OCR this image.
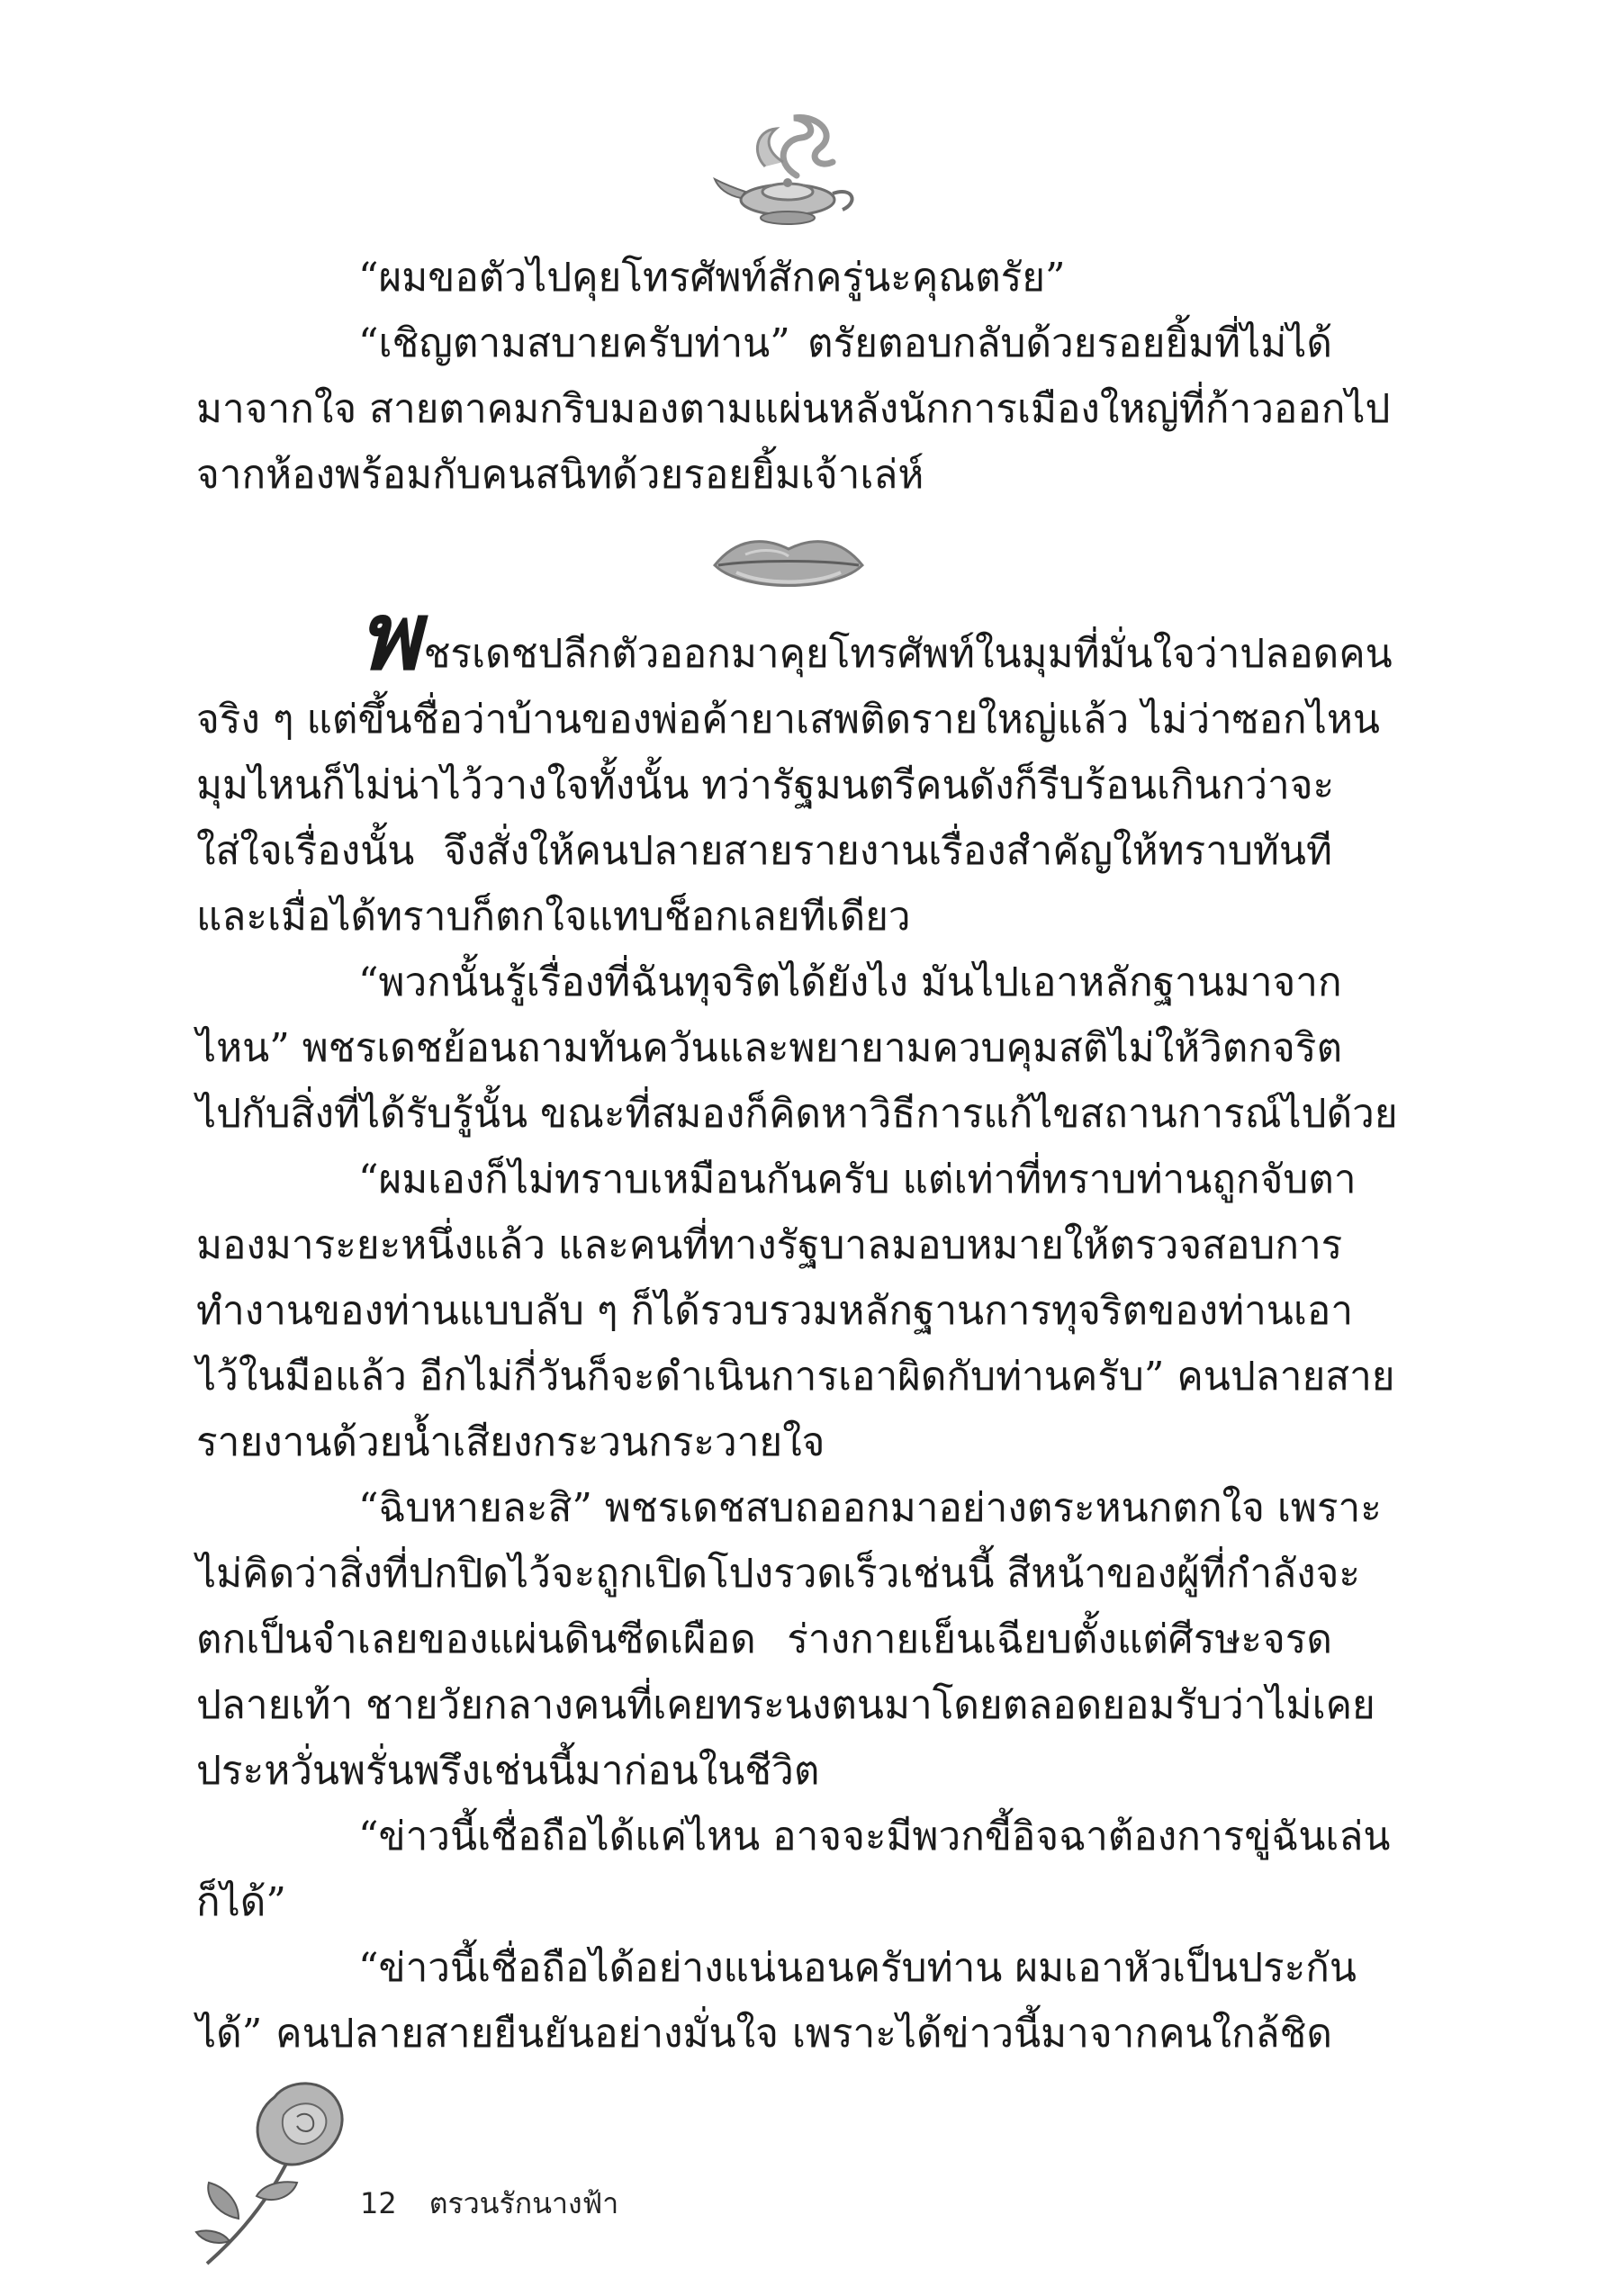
“ผมขอตัวไปคุยโทรศัพท์สักครู่นะคุณตรัย”
“เชิญตามสบายครับท่าน” ตรัยตอบกลับด้วยรอยยิ้มที่ไม่ได้
มาจากใจ สายตาคมกริบมองตามแผ่นหลังนักการเมืองใหญ่ที่ก้าวออกไป
จากห้องพร้อมกับคนสนิทด้วยรอยยิ้มเจ้าเล่ห์
พชรเดชปลีกตัวออกมาคุยโทรศัพท์ในมุมที่มั่นใจว่าปลอดคน
จริง ๆ แต่ขึ้นชื่อว่าบ้านของพ่อค้ายาเสพติดรายใหญ่แล้ว ไม่ว่าซอกไหน
มุมไหนก็ไม่น่าไว้วางใจทั้งนั้น ทว่ารัฐมนตรีคนดังก็รีบร้อนเกินกว่าจะ
ใส่ใจเรื่องนั้น จึงสั่งให้คนปลายสายรายงานเรื่องสำคัญให้ทราบทันที
และเมื่อได้ทราบก็ตกใจแทบช็อกเลยทีเดียว
“พวกนั้นรู้เรื่องที่ฉันทุจริตได้ยังไง มันไปเอาหลักฐานมาจาก
ไหน” พชรเดชย้อนถามทันควันและพยายามควบคุมสติไม่ให้วิตกจริต
ไปกับสิ่งที่ได้รับรู้นั้น ขณะที่สมองก็คิดหาวิธีการแก้ไขสถานการณ์ไปด้วย
“ผมเองก็ไม่ทราบเหมือนกันครับ แต่เท่าที่ทราบท่านถูกจับตา
มองมาระยะหนึ่งแล้ว และคนที่ทางรัฐบาลมอบหมายให้ตรวจสอบการ
ทำงานของท่านแบบลับ ๆ ก็ได้รวบรวมหลักฐานการทุจริตของท่านเอา
ไว้ในมือแล้ว อีกไม่กี่วันก็จะดำเนินการเอาผิดกับท่านครับ” คนปลายสาย
รายงานด้วยน้ำเสียงกระวนกระวายใจ
“ฉิบหายละสิ” พชรเดชสบถออกมาอย่างตระหนกตกใจ เพราะ
ไม่คิดว่าสิ่งที่ปกปิดไว้จะถูกเปิดโปงรวดเร็วเช่นนี้ สีหน้าของผู้ที่กำลังจะ
ตกเป็นจำเลยของแผ่นดินซีดเผือด ร่างกายเย็นเฉียบตั้งแต่ศีรษะจรด
ปลายเท้า ชายวัยกลางคนที่เคยทระนงตนมาโดยตลอดยอมรับว่าไม่เคย
ประหวั่นพรั่นพรึงเช่นนี้มาก่อนในชีวิต
“ข่าวนี้เชื่อถือได้แค่ไหน อาจจะมีพวกขี้อิจฉาต้องการขู่ฉันเล่น
ก็ได้”
“ข่าวนี้เชื่อถือได้อย่างแน่นอนครับท่าน ผมเอาหัวเป็นประกัน
ได้” คนปลายสายยืนยันอย่างมั่นใจ เพราะได้ข่าวนี้มาจากคนใกล้ชิด
12 ตรวนรักนางฟ้า
